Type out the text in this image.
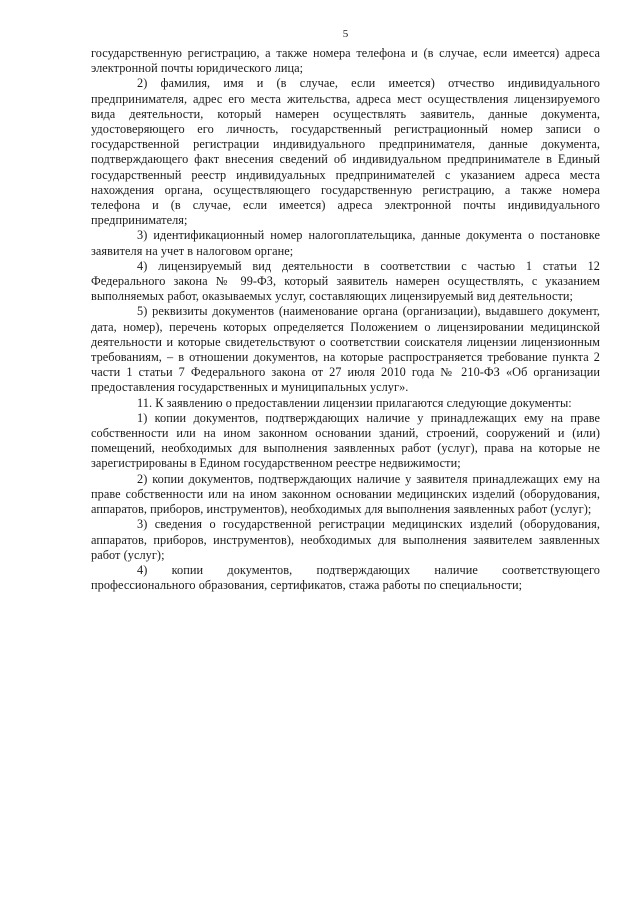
5

государственную регистрацию, а также номера телефона и (в случае, если имеется) адреса электронной почты юридического лица;

2) фамилия, имя и (в случае, если имеется) отчество индивидуального предпринимателя, адрес его места жительства, адреса мест осуществления лицензируемого вида деятельности, который намерен осуществлять заявитель, данные документа, удостоверяющего его личность, государственный регистрационный номер записи о государственной регистрации индивидуального предпринимателя, данные документа, подтверждающего факт внесения сведений об индивидуальном предпринимателе в Единый государственный реестр индивидуальных предпринимателей с указанием адреса места нахождения органа, осуществляющего государственную регистрацию, а также номера телефона и (в случае, если имеется) адреса электронной почты индивидуального предпринимателя;

3) идентификационный номер налогоплательщика, данные документа о постановке заявителя на учет в налоговом органе;

4) лицензируемый вид деятельности в соответствии с частью 1 статьи 12 Федерального закона № 99-ФЗ, который заявитель намерен осуществлять, с указанием выполняемых работ, оказываемых услуг, составляющих лицензируемый вид деятельности;

5) реквизиты документов (наименование органа (организации), выдавшего документ, дата, номер), перечень которых определяется Положением о лицензировании медицинской деятельности и которые свидетельствуют о соответствии соискателя лицензии лицензионным требованиям, – в отношении документов, на которые распространяется требование пункта 2 части 1 статьи 7 Федерального закона от 27 июля 2010 года № 210-ФЗ «Об организации предоставления государственных и муниципальных услуг».

11. К заявлению о предоставлении лицензии прилагаются следующие документы:

1) копии документов, подтверждающих наличие у принадлежащих ему на праве собственности или на ином законном основании зданий, строений, сооружений и (или) помещений, необходимых для выполнения заявленных работ (услуг), права на которые не зарегистрированы в Едином государственном реестре недвижимости;

2) копии документов, подтверждающих наличие у заявителя принадлежащих ему на праве собственности или на ином законном основании медицинских изделий (оборудования, аппаратов, приборов, инструментов), необходимых для выполнения заявленных работ (услуг);

3) сведения о государственной регистрации медицинских изделий (оборудования, аппаратов, приборов, инструментов), необходимых для выполнения заявителем заявленных работ (услуг);

4) копии документов, подтверждающих наличие соответствующего профессионального образования, сертификатов, стажа работы по специальности;
